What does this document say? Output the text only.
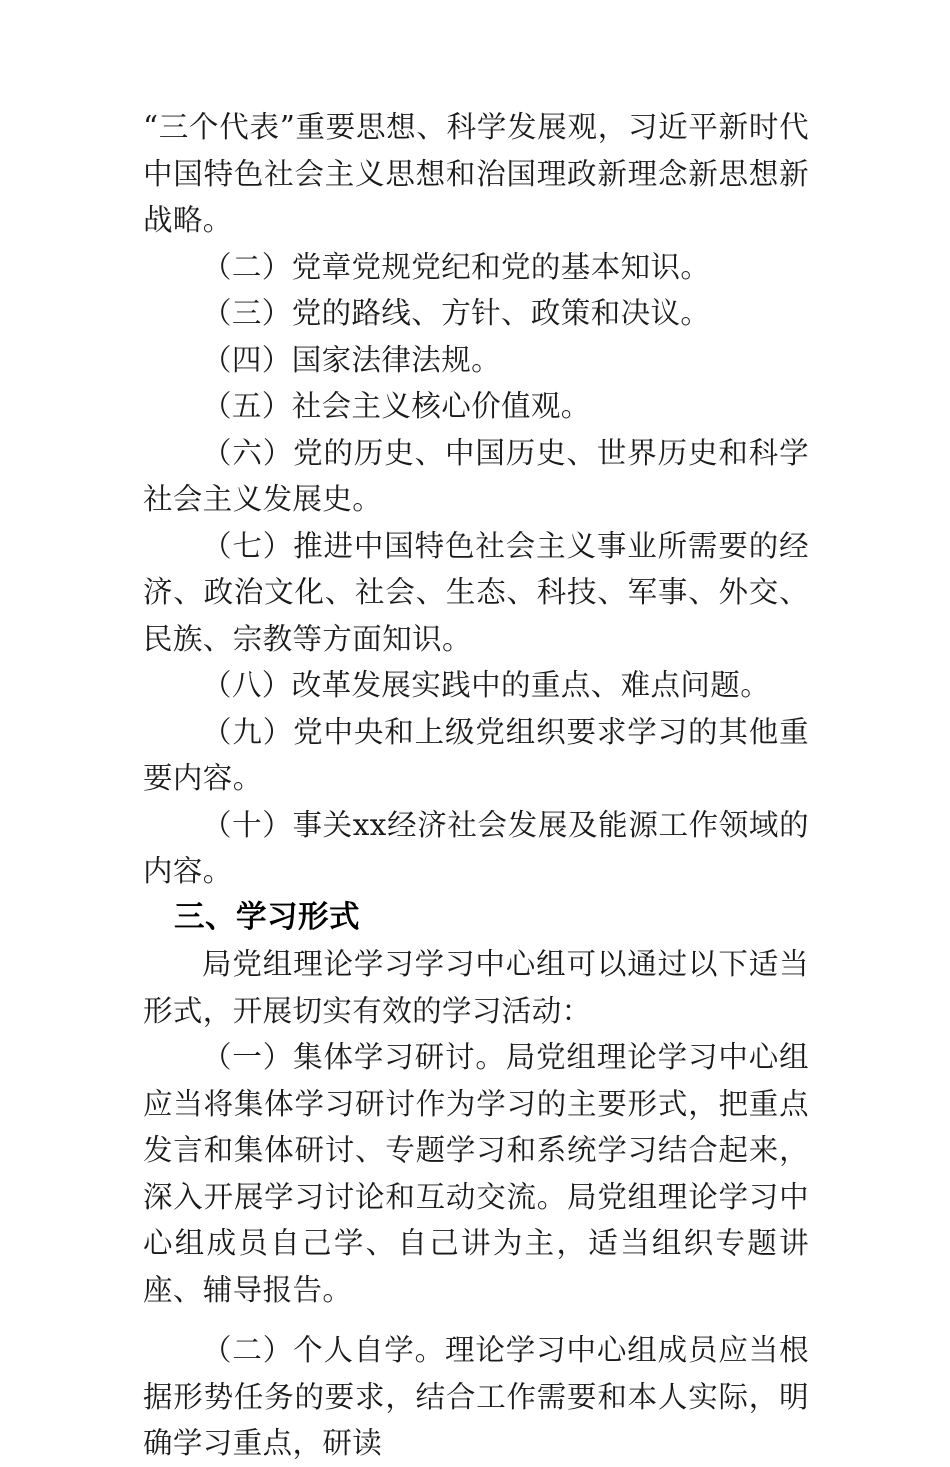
“三个代表”重要思想、科学发展观，习近平新时代中国特色社会主义思想和治国理政新理念新思想新战略。

（二）党章党规党纪和党的基本知识。

（三）党的路线、方针、政策和决议。

（四）国家法律法规。

（五）社会主义核心价值观。

（六）党的历史、中国历史、世界历史和科学社会主义发展史。

（七）推进中国特色社会主义事业所需要的经济、政治文化、社会、生态、科技、军事、外交、民族、宗教等方面知识。

（八）改革发展实践中的重点、难点问题。

（九）党中央和上级党组织要求学习的其他重要内容。

（十）事关xx经济社会发展及能源工作领域的内容。

三、学习形式

局党组理论学习学习中心组可以通过以下适当形式，开展切实有效的学习活动：

（一）集体学习研讨。局党组理论学习中心组应当将集体学习研讨作为学习的主要形式，把重点发言和集体研讨、专题学习和系统学习结合起来，深入开展学习讨论和互动交流。局党组理论学习中心组成员自己学、自己讲为主，适当组织专题讲座、辅导报告。

（二）个人自学。理论学习中心组成员应当根据形势任务的要求，结合工作需要和本人实际，明确学习重点，研读
